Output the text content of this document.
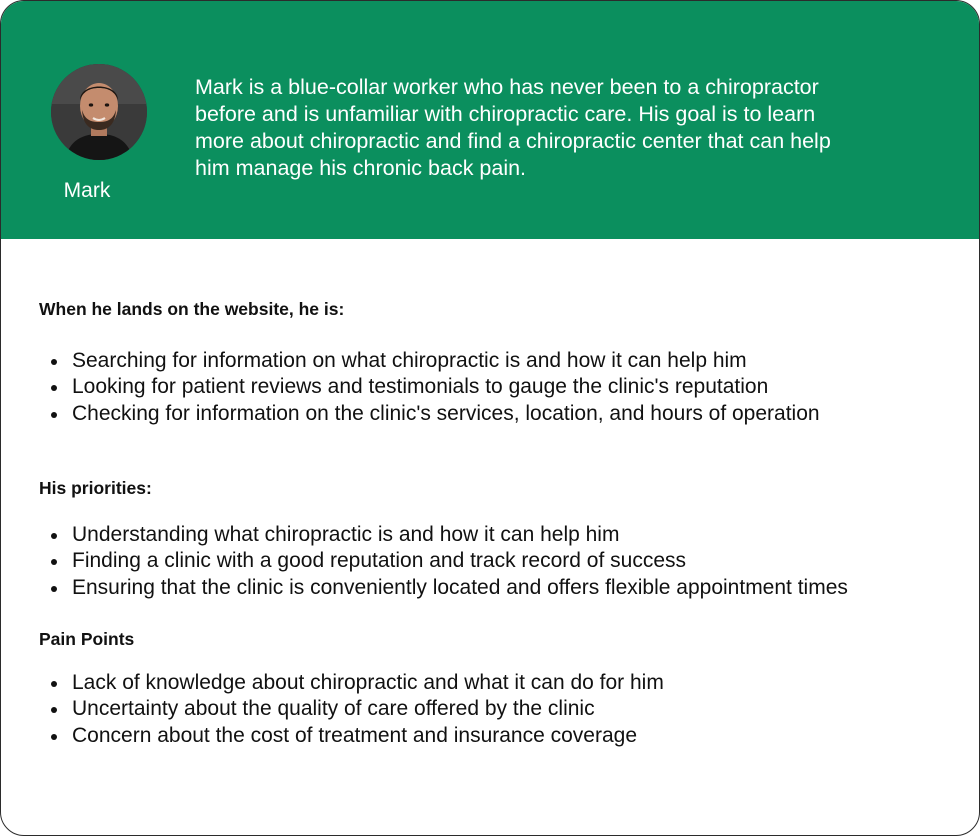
Mark

Mark is a blue-collar worker who has never been to a chiropractor before and is unfamiliar with chiropractic care. His goal is to learn more about chiropractic and find a chiropractic center that can help him manage his chronic back pain.

When he lands on the website, he is:
Searching for information on what chiropractic is and how it can help him
Looking for patient reviews and testimonials to gauge the clinic's reputation
Checking for information on the clinic's services, location, and hours of operation
His priorities:
Understanding what chiropractic is and how it can help him
Finding a clinic with a good reputation and track record of success
Ensuring that the clinic is conveniently located and offers flexible appointment times
Pain Points
Lack of knowledge about chiropractic and what it can do for him
Uncertainty about the quality of care offered by the clinic
Concern about the cost of treatment and insurance coverage
